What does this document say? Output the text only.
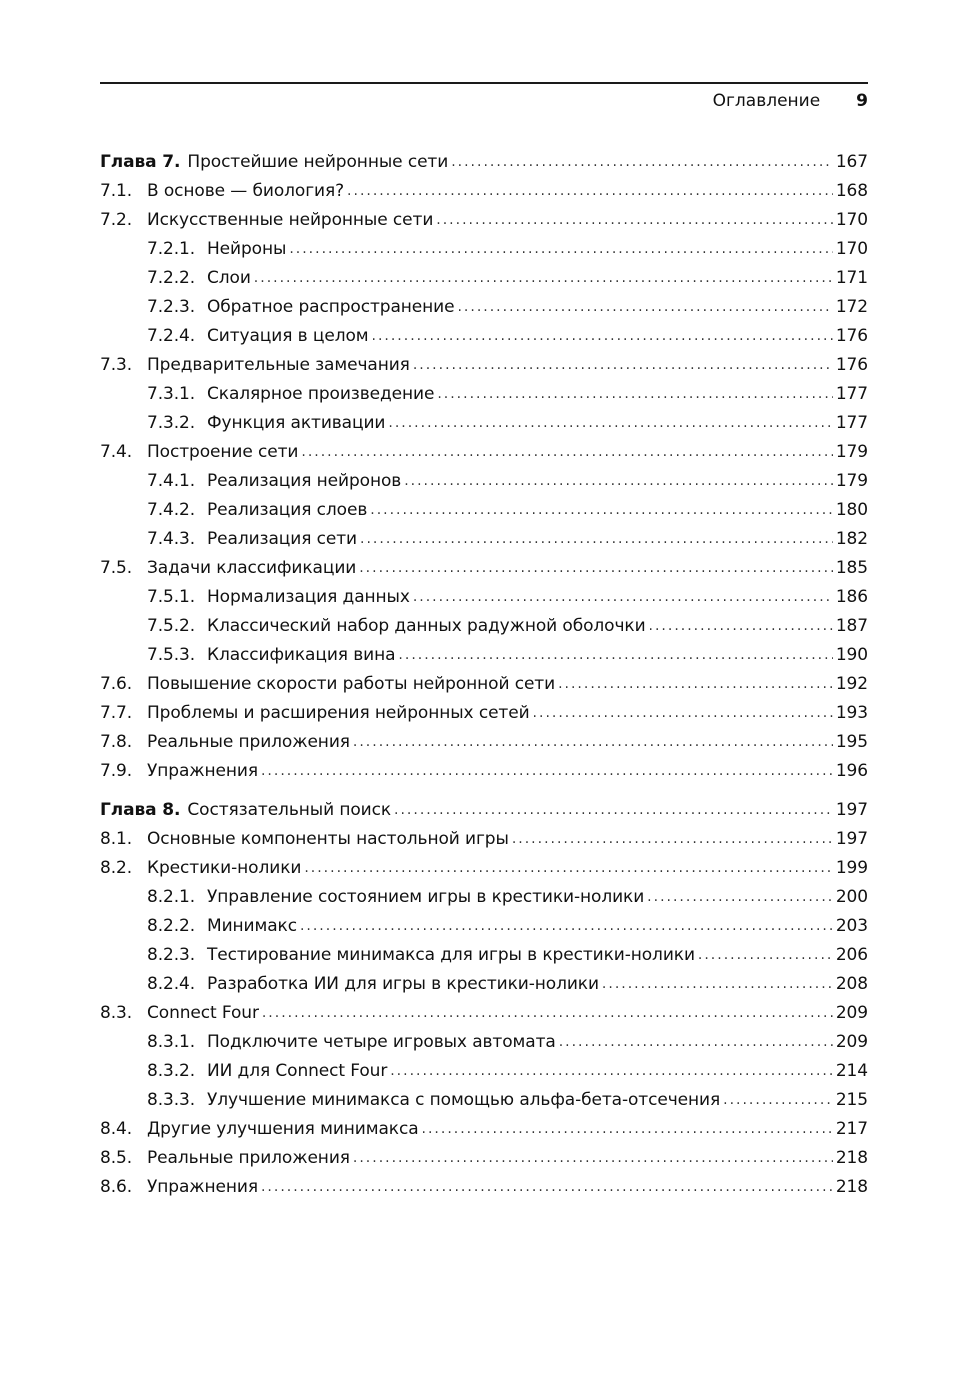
Оглавление 9
Глава 7. Простейшие нейронные сети .....	167
7.1. В основе — биология? .....	168
7.2. Искусственные нейронные сети .....	170
7.2.1. Нейроны .....	170
7.2.2. Слои .....	171
7.2.3. Обратное распространение .....	172
7.2.4. Ситуация в целом .....	176
7.3. Предварительные замечания .....	176
7.3.1. Скалярное произведение .....	177
7.3.2. Функция активации .....	177
7.4. Построение сети .....	179
7.4.1. Реализация нейронов .....	179
7.4.2. Реализация слоев .....	180
7.4.3. Реализация сети .....	182
7.5. Задачи классификации .....	185
7.5.1. Нормализация данных .....	186
7.5.2. Классический набор данных радужной оболочки .....	187
7.5.3. Классификация вина .....	190
7.6. Повышение скорости работы нейронной сети .....	192
7.7. Проблемы и расширения нейронных сетей .....	193
7.8. Реальные приложения .....	195
7.9. Упражнения .....	196
Глава 8. Состязательный поиск .....	197
8.1. Основные компоненты настольной игры .....	197
8.2. Крестики-нолики .....	199
8.2.1. Управление состоянием игры в крестики-нолики .....	200
8.2.2. Минимакс .....	203
8.2.3. Тестирование минимакса для игры в крестики-нолики .....	206
8.2.4. Разработка ИИ для игры в крестики-нолики .....	208
8.3. Connect Four .....	209
8.3.1. Подключите четыре игровых автомата .....	209
8.3.2. ИИ для Connect Four .....	214
8.3.3. Улучшение минимакса с помощью альфа-бета-отсечения .....	215
8.4. Другие улучшения минимакса .....	217
8.5. Реальные приложения .....	218
8.6. Упражнения .....	218
